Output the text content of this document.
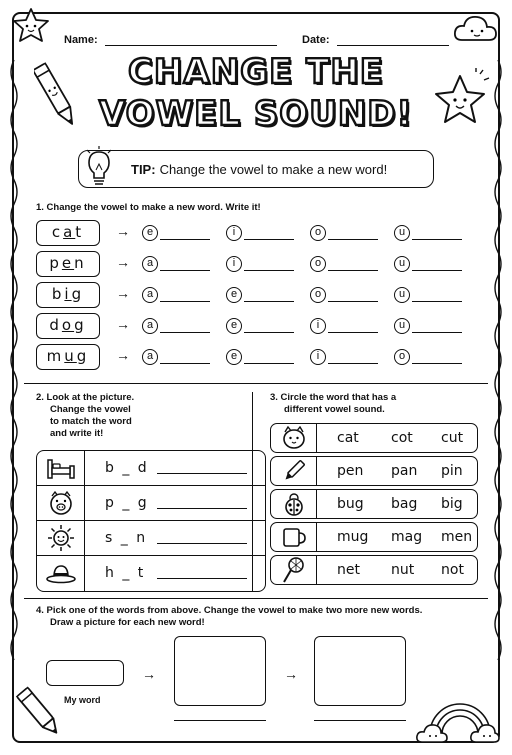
Name:	Date:
CHANGE THE
VOWEL SOUND!
TIP: Change the vowel to make a new word!
1. Change the vowel to make a new word. Write it!
cat	→	e	i	o	u
pen	→	a	i	o	u
big	→	a	e	o	u
dog	→	a	e	i	u
mug	→	a	e	i	o
2. Look at the picture.
Change the vowel
to match the word
and write it!
b _ d
p _ g
s _ n
h _ t
3. Circle the word that has a
different vowel sound.
cat cot cut
pen pan pin
bug bag big
mug mag men
net nut not
4. Pick one of the words from above. Change the vowel to make two more new words.
Draw a picture for each new word!
My word
→	→
